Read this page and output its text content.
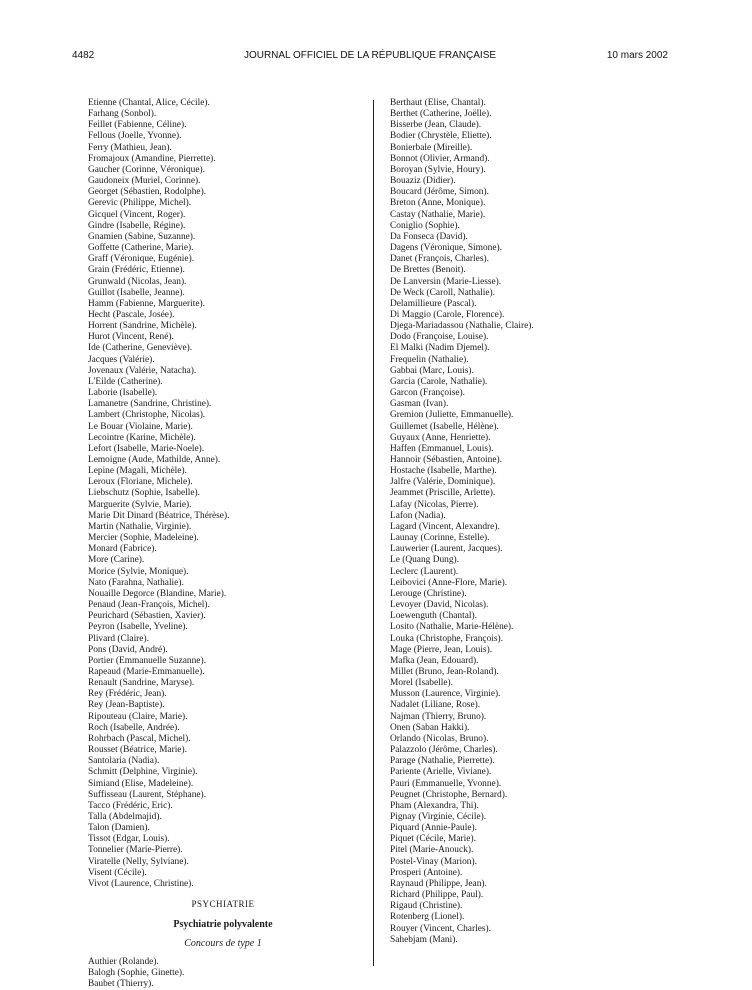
4482	JOURNAL OFFICIEL DE LA RÉPUBLIQUE FRANÇAISE	10 mars 2002
Etienne (Chantal, Alice, Cécile).
Farhang (Sonbol).
Feillet (Fabienne, Céline).
Fellous (Joelle, Yvonne).
Ferry (Mathieu, Jean).
Fromajoux (Amandine, Pierrette).
Gaucher (Corinne, Véronique).
Gaudoneix (Muriel, Corinne).
Georget (Sébastien, Rodolphe).
Gerevic (Philippe, Michel).
Gicquel (Vincent, Roger).
Gindre (Isabelle, Régine).
Gnamien (Sabine, Suzanne).
Goffette (Catherine, Marie).
Graff (Véronique, Eugénie).
Grain (Frédéric, Etienne).
Grunwald (Nicolas, Jean).
Guillot (Isabelle, Jeanne).
Hamm (Fabienne, Marguerite).
Hecht (Pascale, Josée).
Horrent (Sandrine, Michèle).
Hurot (Vincent, René).
Ide (Catherine, Geneviève).
Jacques (Valérie).
Jovenaux (Valérie, Natacha).
L'Eilde (Catherine).
Laborie (Isabelle).
Lamanetre (Sandrine, Christine).
Lambert (Christophe, Nicolas).
Le Bouar (Violaine, Marie).
Lecointre (Karine, Michèle).
Lefort (Isabelle, Marie-Noele).
Lemoigne (Aude, Mathilde, Anne).
Lepine (Magali, Michèle).
Leroux (Floriane, Michele).
Liebschutz (Sophie, Isabelle).
Marguerite (Sylvie, Marie).
Marie Dit Dinard (Béatrice, Thérèse).
Martin (Nathalie, Virginie).
Mercier (Sophie, Madeleine).
Monard (Fabrice).
More (Carine).
Morice (Sylvie, Monique).
Nato (Farahna, Nathalie).
Nouaille Degorce (Blandine, Marie).
Penaud (Jean-François, Michel).
Peurichard (Sébastien, Xavier).
Peyron (Isabelle, Yveline).
Plivard (Claire).
Pons (David, André).
Portier (Emmanuelle Suzanne).
Rapeaud (Marie-Emmanuelle).
Renault (Sandrine, Maryse).
Rey (Frédéric, Jean).
Rey (Jean-Baptiste).
Ripouteau (Claire, Marie).
Roch (Isabelle, Andrée).
Rohrbach (Pascal, Michel).
Rousset (Béatrice, Marie).
Santolaria (Nadia).
Schmitt (Delphine, Virginie).
Simiand (Elise, Madeleine).
Suffisseau (Laurent, Stéphane).
Tacco (Frédéric, Eric).
Talla (Abdelmajid).
Talon (Damien).
Tissot (Edgar, Louis).
Tonnelier (Marie-Pierre).
Viratelle (Nelly, Sylviane).
Visent (Cécile).
Vivot (Laurence, Christine).
PSYCHIATRIE
Psychiatrie polyvalente
Concours de type 1
Authier (Rolande).
Balogh (Sophie, Ginette).
Baubet (Thierry).
Berthaut (Elise, Chantal).
Berthet (Catherine, Joëlle).
Bisserbe (Jean, Claude).
Bodier (Chrystèle, Eliette).
Bonierbale (Mireille).
Bonnot (Olivier, Armand).
Boroyan (Sylvie, Houry).
Bouaziz (Didier).
Boucard (Jérôme, Simon).
Breton (Anne, Monique).
Castay (Nathalie, Marie).
Coniglio (Sophie).
Da Fonseca (David).
Dagens (Véronique, Simone).
Danet (François, Charles).
De Brettes (Benoit).
De Lanversin (Marie-Liesse).
De Weck (Caroll, Nathalie).
Delamillieure (Pascal).
Di Maggio (Carole, Florence).
Djega-Mariadassou (Nathalie, Claire).
Dodo (Françoise, Louise).
El Malki (Nadim Djemel).
Frequelin (Nathalie).
Gabbai (Marc, Louis).
Garcia (Carole, Nathalie).
Garcon (Françoise).
Gasman (Ivan).
Gremion (Juliette, Emmanuelle).
Guillemet (Isabelle, Hélène).
Guyaux (Anne, Henriette).
Haffen (Emmanuel, Louis).
Hannoir (Sébastien, Antoine).
Hostache (Isabelle, Marthe).
Jalfre (Valérie, Dominique).
Jeammet (Priscille, Arlette).
Lafay (Nicolas, Pierre).
Lafon (Nadia).
Lagard (Vincent, Alexandre).
Launay (Corinne, Estelle).
Lauwerier (Laurent, Jacques).
Le (Quang Dung).
Leclerc (Laurent).
Leibovici (Anne-Flore, Marie).
Lerouge (Christine).
Levoyer (David, Nicolas).
Loewenguth (Chantal).
Losito (Nathalie, Marie-Hélène).
Louka (Christophe, François).
Mage (Pierre, Jean, Louis).
Mafka (Jean, Edouard).
Millet (Bruno, Jean-Roland).
Morel (Isabelle).
Musson (Laurence, Virginie).
Nadalet (Liliane, Rose).
Najman (Thierry, Bruno).
Onen (Saban Hakki).
Orlando (Nicolas, Bruno).
Palazzolo (Jérôme, Charles).
Parage (Nathalie, Pierrette).
Pariente (Arielle, Viviane).
Pauri (Emmanuelle, Yvonne).
Peugnet (Christophe, Bernard).
Pham (Alexandra, Thi).
Pignay (Virginie, Cécile).
Piquard (Annie-Paule).
Piquet (Cécile, Marie).
Pitel (Marie-Anouck).
Postel-Vinay (Marion).
Prosperi (Antoine).
Raynaud (Philippe, Jean).
Richard (Philippe, Paul).
Rigaud (Christine).
Rotenberg (Lionel).
Rouyer (Vincent, Charles).
Sahebjam (Mani).
